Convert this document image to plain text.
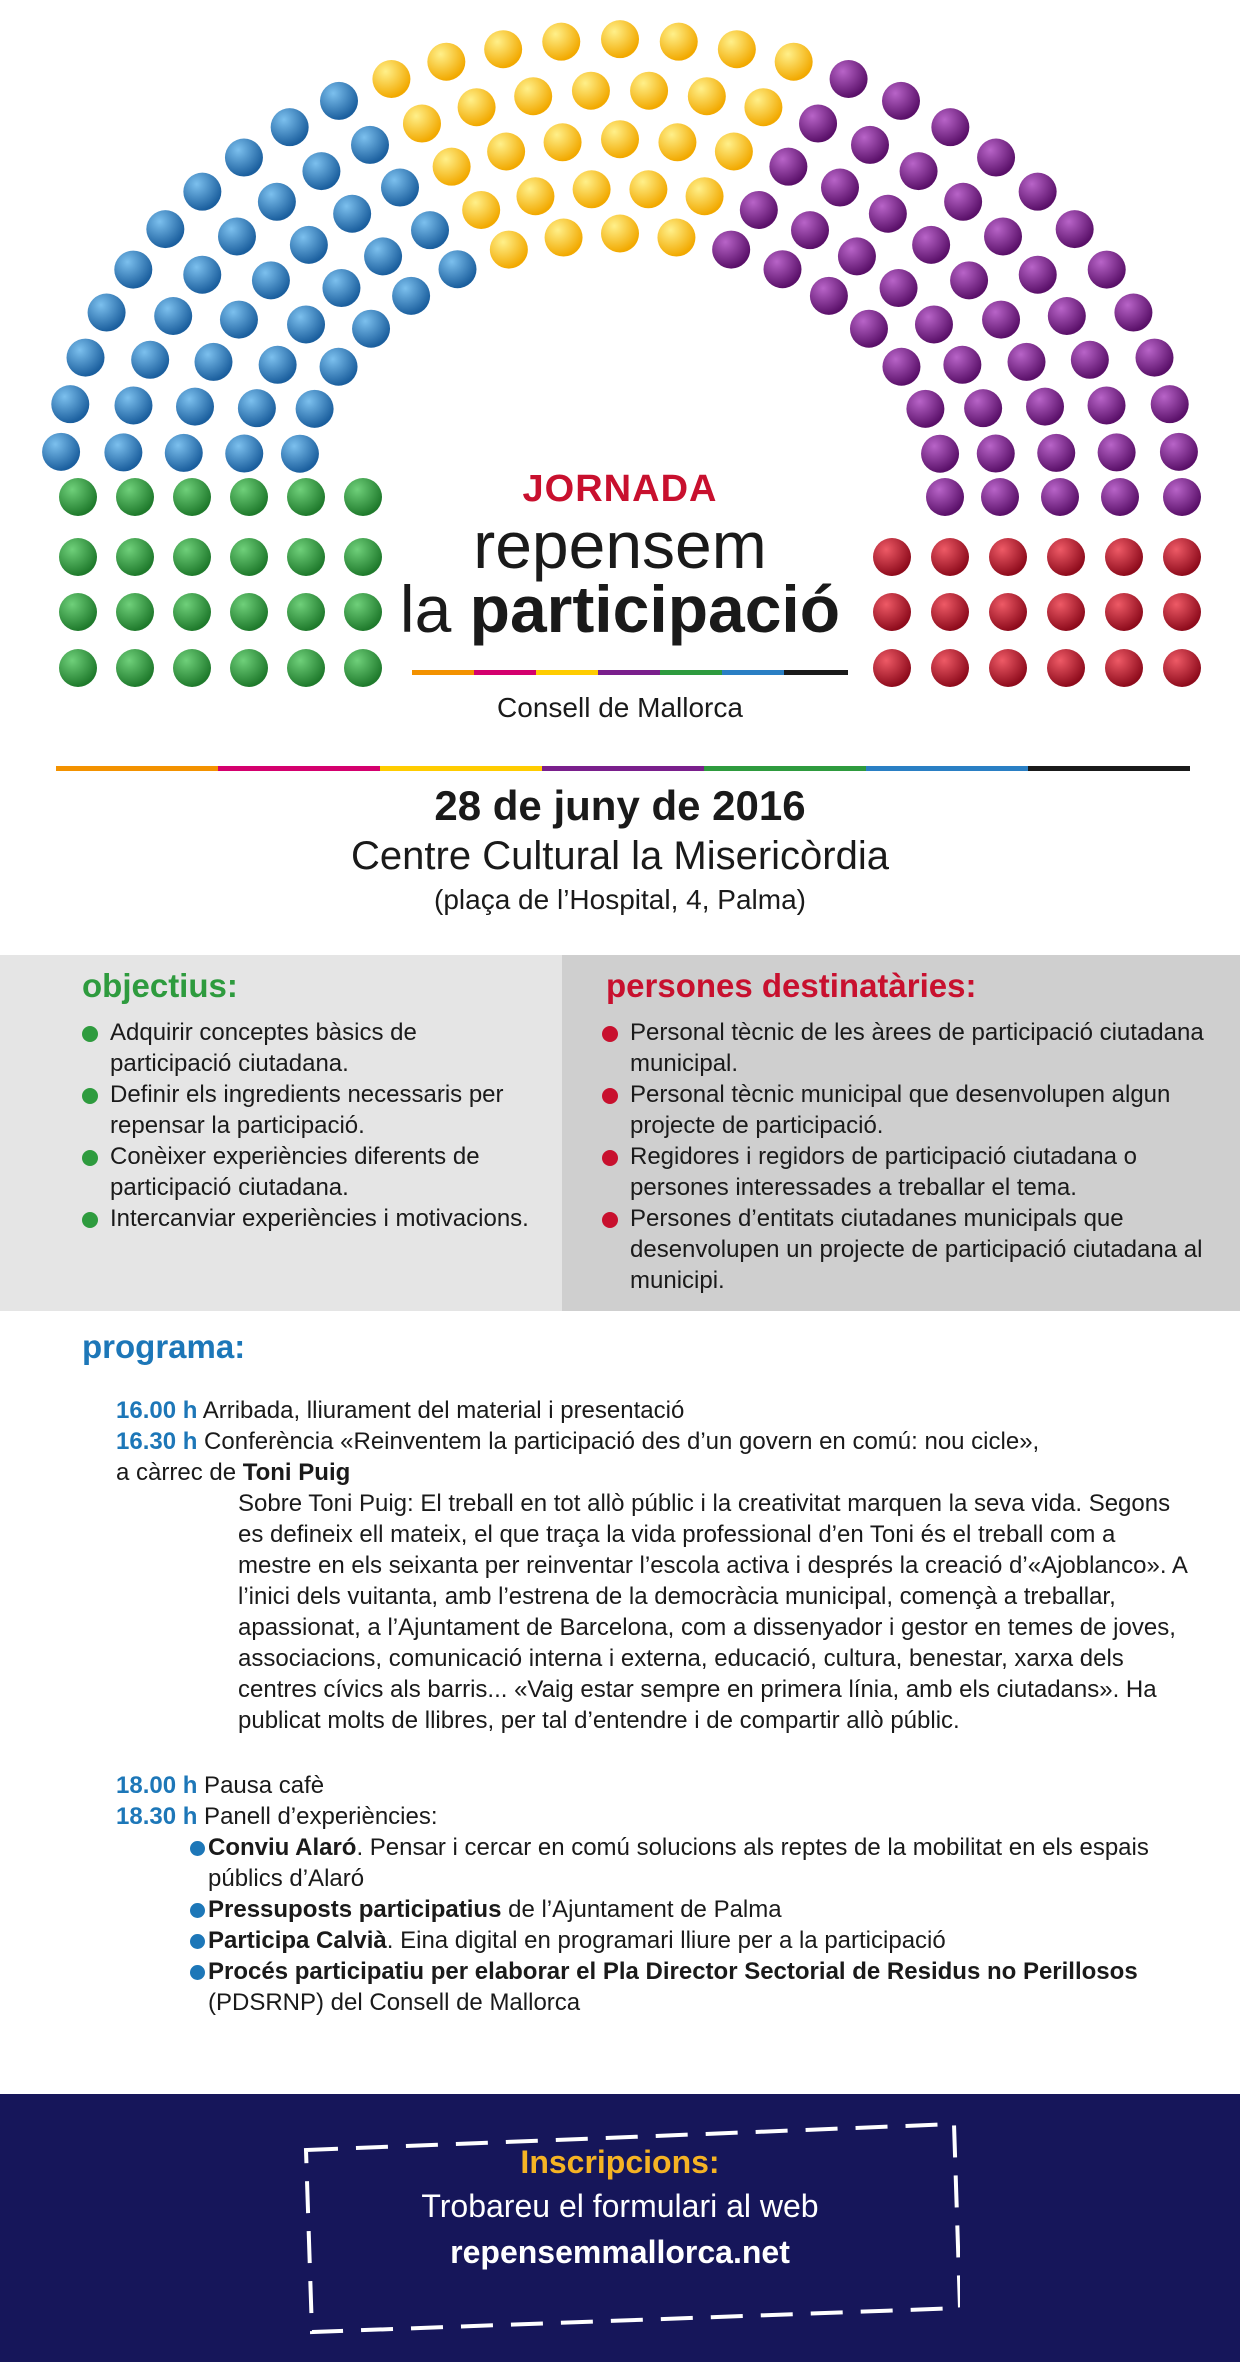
JORNADA
repensem
la participació
Consell de Mallorca
28 de juny de 2016
Centre Cultural la Misericòrdia
(plaça de l’Hospital, 4, Palma)
objectius:
Adquirir conceptes bàsics de participació ciutadana.
Definir els ingredients necessaris per repensar la participació.
Conèixer experiències diferents de participació ciutadana.
Intercanviar experiències i motivacions.
persones destinatàries:
Personal tècnic de les àrees de participació ciutadana municipal.
Personal tècnic municipal que desenvolupen algun projecte de participació.
Regidores i regidors de participació ciutadana o persones interessades a treballar el tema.
Persones d’entitats ciutadanes municipals que desenvolupen un projecte de participació ciutadana al municipi.
programa:
16.00 h Arribada, lliurament del material i presentació
16.30 h Conferència «Reinventem la participació des d’un govern en comú: nou cicle»,
a càrrec de Toni Puig
Sobre Toni Puig: El treball en tot allò públic i la creativitat marquen la seva vida. Segons es defineix ell mateix, el que traça la vida professional d’en Toni és el treball com a mestre en els seixanta per reinventar l’escola activa i després la creació d’«Ajoblanco». A l’inici dels vuitanta, amb l’estrena de la democràcia municipal, començà a treballar, apassionat, a l’Ajuntament de Barcelona, com a dissenyador i gestor en temes de joves, associacions, comunicació interna i externa, educació, cultura, benestar, xarxa dels centres cívics als barris... «Vaig estar sempre en primera línia, amb els ciutadans». Ha publicat molts de llibres, per tal d’entendre i de compartir allò públic.
18.00 h Pausa cafè
18.30 h Panell d’experiències:
Conviu Alaró. Pensar i cercar en comú solucions als reptes de la mobilitat en els espais públics d’Alaró
Pressuposts participatius de l’Ajuntament de Palma
Participa Calvià. Eina digital en programari lliure per a la participació
Procés participatiu per elaborar el Pla Director Sectorial de Residus no Perillosos (PDSRNP) del Consell de Mallorca
Inscripcions:
Trobareu el formulari al web
repensemmallorca.net
